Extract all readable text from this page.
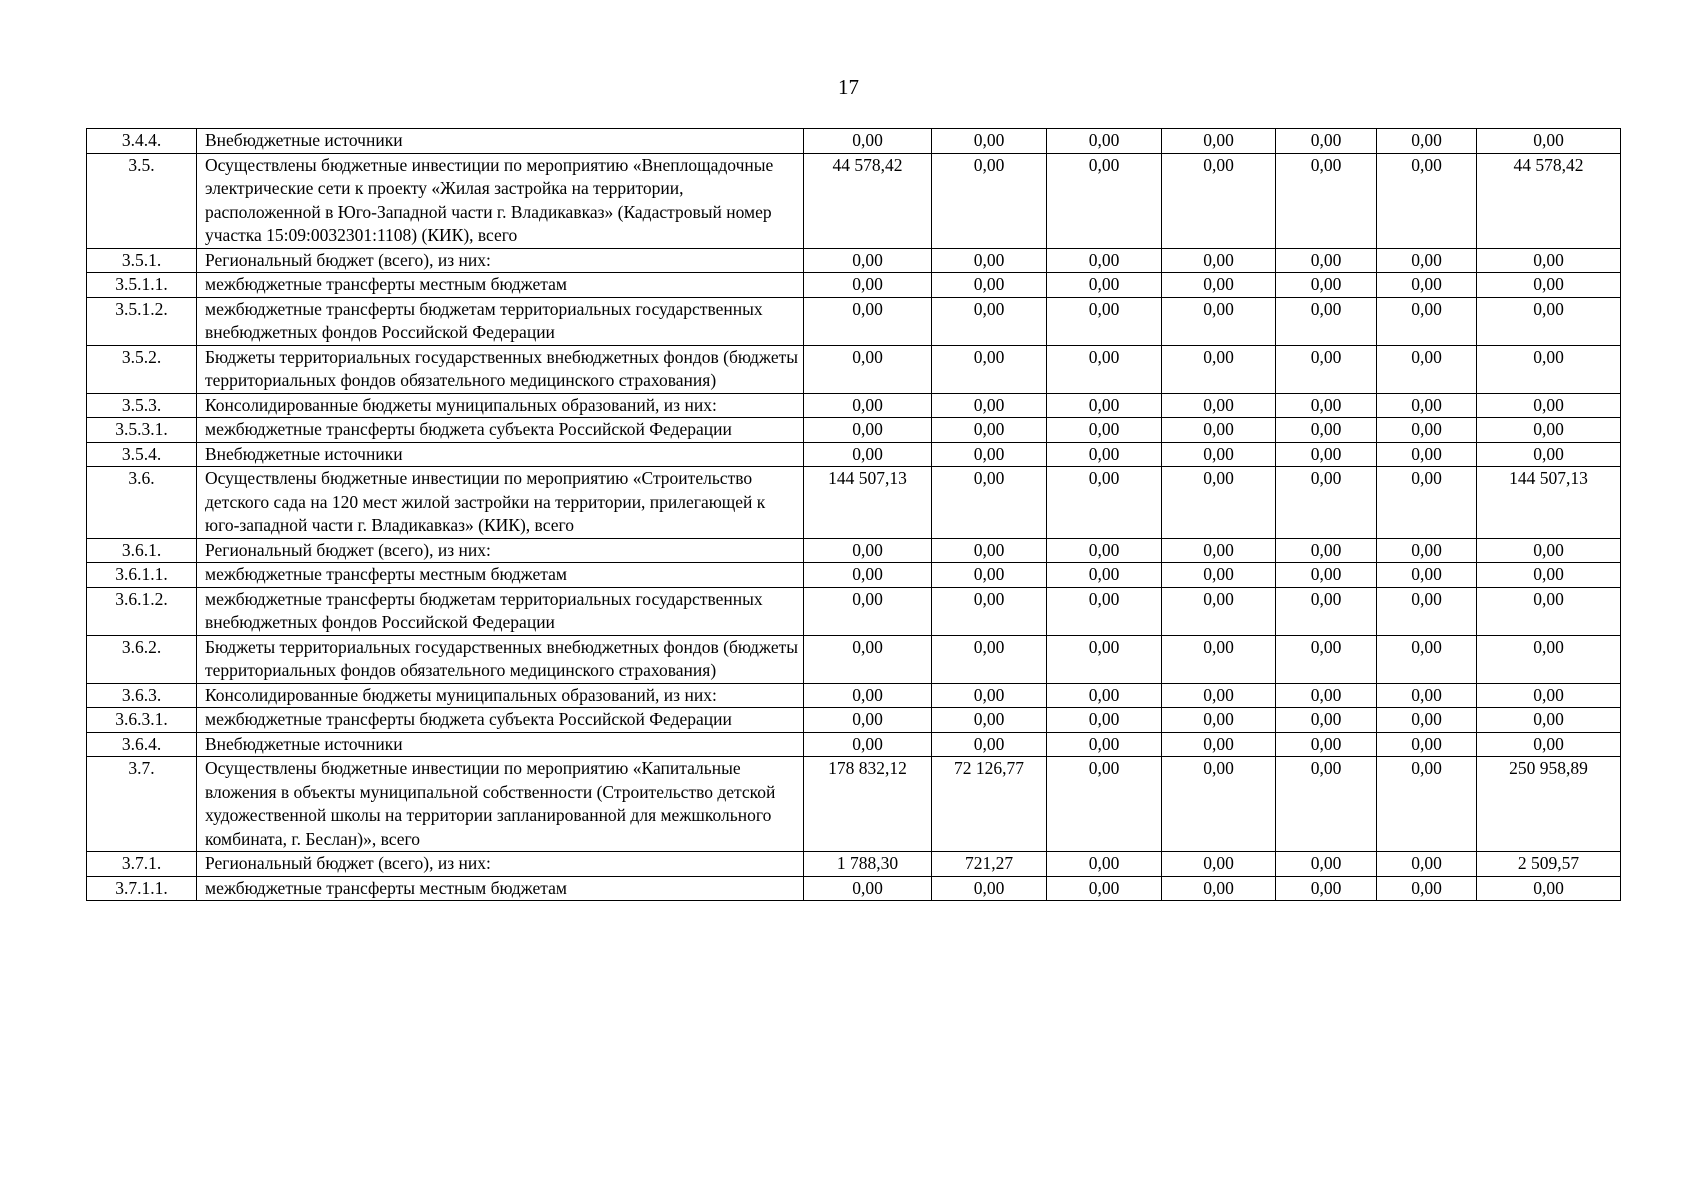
17
3.4.4.	Внебюджетные источники	0,00	0,00	0,00	0,00	0,00	0,00	0,00
3.5.	Осуществлены бюджетные инвестиции по мероприятию «Внеплощадочные электрические сети к проекту «Жилая застройка на территории, расположенной в Юго-Западной части г. Владикавказ» (Кадастровый номер участка 15:09:0032301:1108) (КИК), всего	44 578,42	0,00	0,00	0,00	0,00	0,00	44 578,42
3.5.1.	Региональный бюджет (всего), из них:	0,00	0,00	0,00	0,00	0,00	0,00	0,00
3.5.1.1.	межбюджетные трансферты местным бюджетам	0,00	0,00	0,00	0,00	0,00	0,00	0,00
3.5.1.2.	межбюджетные трансферты бюджетам территориальных государственных внебюджетных фондов Российской Федерации	0,00	0,00	0,00	0,00	0,00	0,00	0,00
3.5.2.	Бюджеты территориальных государственных внебюджетных фондов (бюджеты территориальных фондов обязательного медицинского страхования)	0,00	0,00	0,00	0,00	0,00	0,00	0,00
3.5.3.	Консолидированные бюджеты муниципальных образований, из них:	0,00	0,00	0,00	0,00	0,00	0,00	0,00
3.5.3.1.	межбюджетные трансферты бюджета субъекта Российской Федерации	0,00	0,00	0,00	0,00	0,00	0,00	0,00
3.5.4.	Внебюджетные источники	0,00	0,00	0,00	0,00	0,00	0,00	0,00
3.6.	Осуществлены бюджетные инвестиции по мероприятию «Строительство детского сада на 120 мест жилой застройки на территории, прилегающей к юго-западной части г. Владикавказ» (КИК), всего	144 507,13	0,00	0,00	0,00	0,00	0,00	144 507,13
3.6.1.	Региональный бюджет (всего), из них:	0,00	0,00	0,00	0,00	0,00	0,00	0,00
3.6.1.1.	межбюджетные трансферты местным бюджетам	0,00	0,00	0,00	0,00	0,00	0,00	0,00
3.6.1.2.	межбюджетные трансферты бюджетам территориальных государственных внебюджетных фондов Российской Федерации	0,00	0,00	0,00	0,00	0,00	0,00	0,00
3.6.2.	Бюджеты территориальных государственных внебюджетных фондов (бюджеты территориальных фондов обязательного медицинского страхования)	0,00	0,00	0,00	0,00	0,00	0,00	0,00
3.6.3.	Консолидированные бюджеты муниципальных образований, из них:	0,00	0,00	0,00	0,00	0,00	0,00	0,00
3.6.3.1.	межбюджетные трансферты бюджета субъекта Российской Федерации	0,00	0,00	0,00	0,00	0,00	0,00	0,00
3.6.4.	Внебюджетные источники	0,00	0,00	0,00	0,00	0,00	0,00	0,00
3.7.	Осуществлены бюджетные инвестиции по мероприятию «Капитальные вложения в объекты муниципальной собственности (Строительство детской художественной школы на территории запланированной для межшкольного комбината, г. Беслан)», всего	178 832,12	72 126,77	0,00	0,00	0,00	0,00	250 958,89
3.7.1.	Региональный бюджет (всего), из них:	1 788,30	721,27	0,00	0,00	0,00	0,00	2 509,57
3.7.1.1.	межбюджетные трансферты местным бюджетам	0,00	0,00	0,00	0,00	0,00	0,00	0,00
